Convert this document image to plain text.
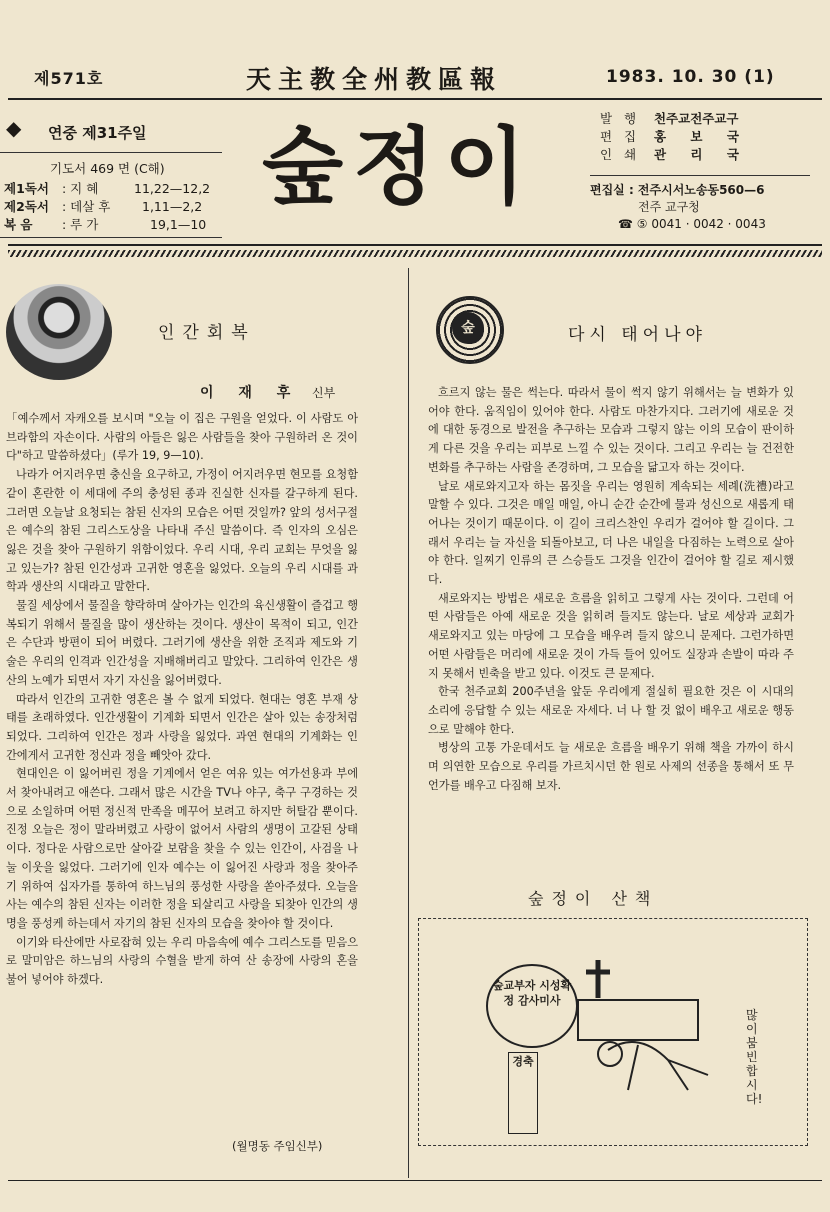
제571호	天主教全州教區報	1983. 10. 30 (1)
◆ 연중 제31주일
기도서 469 면 (C해)
제1독서 : 지 혜	11,22—12,2
제2독서 : 데살 후	1,11—2,2
복 음 : 루 가	19,1—10
숲정이	발 행 천주교전주교구
편 집 홍 보 국
인 쇄 관 리 국
편집실 : 전주시서노송동560—6
전주 교구청
☎ ⑤ 0041 · 0042 · 0043
인간회복
이 재 후 신부

「예수께서 자캐오를 보시며 "오늘 이 집은 구원을 얻었다. 이 사람도 아브라함의 자손이다. 사람의 아들은 잃은 사람들을 찾아 구원하러 온 것이다"하고 말씀하셨다」(루가 19, 9—10).

나라가 어지러우면 충신을 요구하고, 가정이 어지러우면 현모를 요청함 같이 혼란한 이 세대에 주의 충성된 종과 진실한 신자를 갈구하게 된다. 그러면 오늘날 요청되는 참된 신자의 모습은 어떤 것일까? 앞의 성서구절은 예수의 참된 그리스도상을 나타내 주신 말씀이다. 즉 인자의 오심은 잃은 것을 찾아 구원하기 위함이었다. 우리 시대, 우리 교회는 무엇을 잃고 있는가? 참된 인간성과 고귀한 영혼을 잃었다. 오늘의 우리 시대를 과학과 생산의 시대라고 말한다.

물질 세상에서 물질을 향락하며 살아가는 인간의 육신생활이 즐겁고 행복되기 위해서 물질을 많이 생산하는 것이다. 생산이 목적이 되고, 인간은 수단과 방편이 되어 버렸다. 그러기에 생산을 위한 조직과 제도와 기술은 우리의 인격과 인간성을 지배해버리고 말았다. 그리하여 인간은 생산의 노예가 되면서 자기 자신을 잃어버렸다.

따라서 인간의 고귀한 영혼은 볼 수 없게 되었다. 현대는 영혼 부재 상태를 초래하였다. 인간생활이 기계화 되면서 인간은 살아 있는 송장처럼 되었다. 그리하여 인간은 정과 사랑을 잃었다. 과연 현대의 기계화는 인간에게서 고귀한 정신과 정을 빼앗아 갔다.

현대인은 이 잃어버린 정을 기계에서 얻은 여유 있는 여가선용과 부에서 찾아내려고 애쓴다. 그래서 많은 시간을 TV나 야구, 축구 구경하는 것으로 소일하며 어떤 정신적 만족을 메꾸어 보려고 하지만 허탈감 뿐이다. 진정 오늘은 정이 말라버렸고 사랑이 없어서 사람의 생명이 고갈된 상태이다. 정다운 사람으로만 살아갈 보람을 찾을 수 있는 인간이, 사검을 나눌 이웃을 잃었다. 그러기에 인자 예수는 이 잃어진 사랑과 정을 찾아주기 위하여 십자가를 통하여 하느님의 풍성한 사랑을 쏟아주셨다. 오늘을 사는 예수의 참된 신자는 이러한 정을 되살리고 사랑을 되찾아 인간의 생명을 풍성케 하는데서 자기의 참된 신자의 모습을 찾아야 할 것이다.

이기와 타산에만 사로잡혀 있는 우리 마음속에 예수 그리스도를 믿음으로 말미암은 하느님의 사랑의 수혈을 받게 하여 산 송장에 사랑의 혼을 불어 넣어야 하겠다.

(월명동 주임신부)
숲	다시 태어나야

흐르지 않는 물은 썩는다. 따라서 물이 썩지 않기 위해서는 늘 변화가 있어야 한다. 움직임이 있어야 한다. 사람도 마찬가지다. 그러기에 새로운 것에 대한 동경으로 발전을 추구하는 모습과 그렇지 않는 이의 모습이 판이하게 다른 것을 우리는 피부로 느낄 수 있는 것이다. 그리고 우리는 늘 건전한 변화를 추구하는 사람을 존경하며, 그 모습을 닮고자 하는 것이다.

날로 새로와지고자 하는 몸짓을 우리는 영원히 계속되는 세례(洗禮)라고 말할 수 있다. 그것은 매일 매일, 아니 순간 순간에 물과 성신으로 새롭게 태어나는 것이기 때문이다. 이 길이 크리스찬인 우리가 걸어야 할 길이다. 그래서 우리는 늘 자신을 되돌아보고, 더 나은 내일을 다짐하는 노력으로 살아야 한다. 일찌기 인류의 큰 스승들도 그것을 인간이 걸어야 할 길로 제시했다.

새로와지는 방법은 새로운 흐름을 읽히고 그렇게 사는 것이다. 그런데 어떤 사람들은 아예 새로운 것을 읽히려 들지도 않는다. 날로 세상과 교회가 새로와지고 있는 마당에 그 모습을 배우려 들지 않으니 문제다. 그런가하면 어떤 사람들은 머리에 새로운 것이 가득 들어 있어도 실장과 손발이 따라 주지 못해서 빈축을 받고 있다. 이것도 큰 문제다.

한국 천주교회 200주년을 앞둔 우리에게 절실히 필요한 것은 이 시대의 소리에 응답할 수 있는 새로운 자세다. 너 나 할 것 없이 배우고 새로운 행동으로 말해야 한다.

병상의 고통 가운데서도 늘 새로운 흐름을 배우기 위해 책을 가까이 하시며 의연한 모습으로 우리를 가르치시던 한 원로 사제의 선종을 통해서 또 무언가를 배우고 다짐해 보자.

숲정이 산책
숲교부자 시성확정 감사미사
경축
많이 붐빈합시다!
